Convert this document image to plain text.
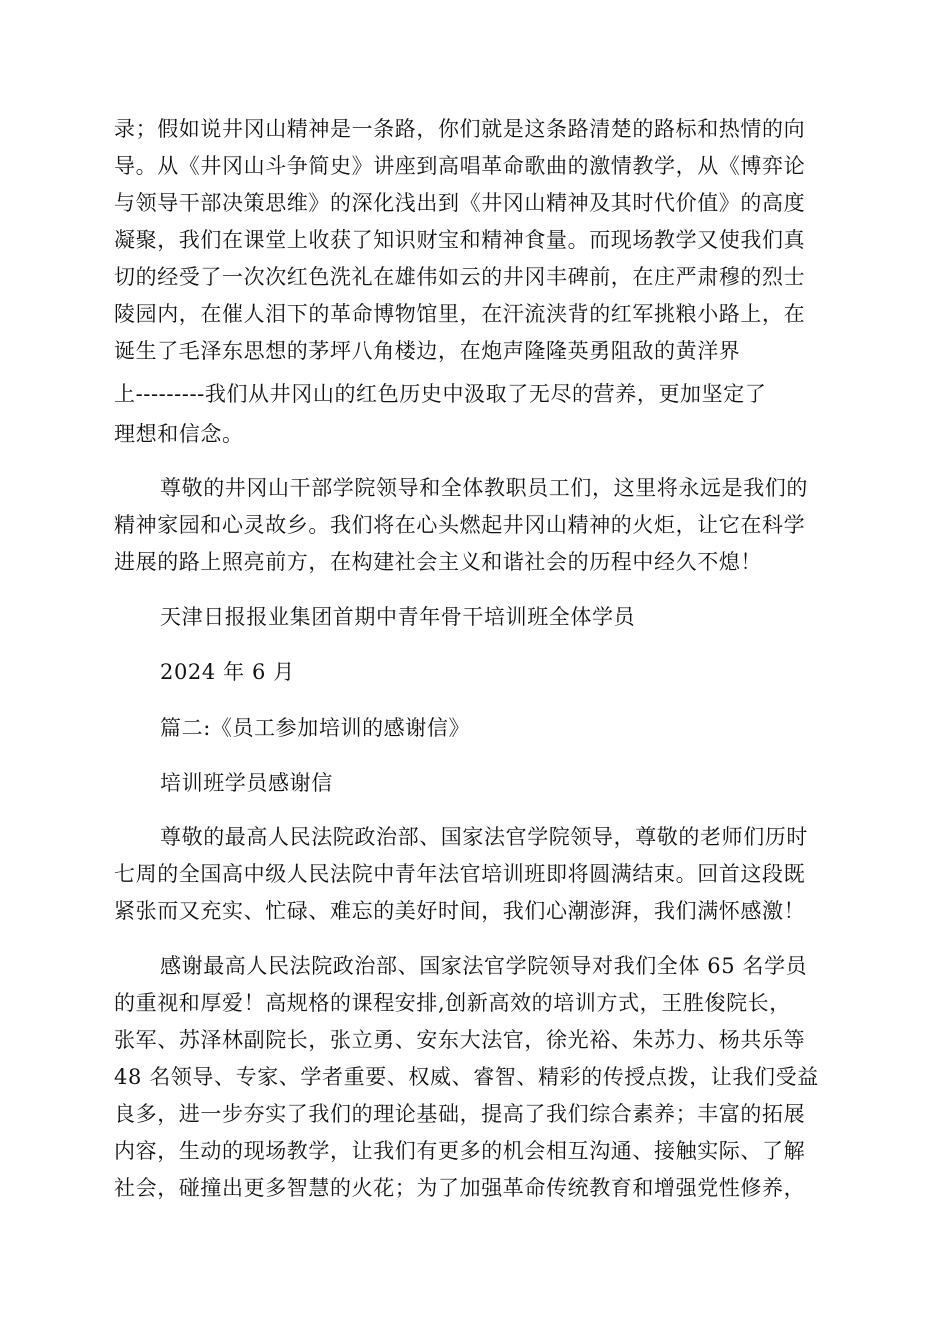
录；假如说井冈山精神是一条路，你们就是这条路清楚的路标和热情的向
导。从《井冈山斗争简史》讲座到高唱革命歌曲的激情教学，从《博弈论
与领导干部决策思维》的深化浅出到《井冈山精神及其时代价值》的高度
凝聚，我们在课堂上收获了知识财宝和精神食量。而现场教学又使我们真
切的经受了一次次红色洗礼在雄伟如云的井冈丰碑前，在庄严肃穆的烈士
陵园内，在催人泪下的革命博物馆里，在汗流浃背的红军挑粮小路上，在
诞生了毛泽东思想的茅坪八角楼边，在炮声隆隆英勇阻敌的黄洋界
上---------我们从井冈山的红色历史中汲取了无尽的营养，更加坚定了
理想和信念。
尊敬的井冈山干部学院领导和全体教职员工们，这里将永远是我们的
精神家园和心灵故乡。我们将在心头燃起井冈山精神的火炬，让它在科学
进展的路上照亮前方，在构建社会主义和谐社会的历程中经久不熄！
天津日报报业集团首期中青年骨干培训班全体学员
2024 年 6 月
篇二:《员工参加培训的感谢信》
培训班学员感谢信
尊敬的最高人民法院政治部、国家法官学院领导，尊敬的老师们历时
七周的全国高中级人民法院中青年法官培训班即将圆满结束。回首这段既
紧张而又充实、忙碌、难忘的美好时间，我们心潮澎湃，我们满怀感激！
感谢最高人民法院政治部、国家法官学院领导对我们全体 65 名学员
的重视和厚爱！高规格的课程安排,创新高效的培训方式，王胜俊院长，
张军、苏泽林副院长，张立勇、安东大法官，徐光裕、朱苏力、杨共乐等
48 名领导、专家、学者重要、权威、睿智、精彩的传授点拨，让我们受益
良多，进一步夯实了我们的理论基础，提高了我们综合素养；丰富的拓展
内容，生动的现场教学，让我们有更多的机会相互沟通、接触实际、了解
社会，碰撞出更多智慧的火花；为了加强革命传统教育和增强党性修养，
